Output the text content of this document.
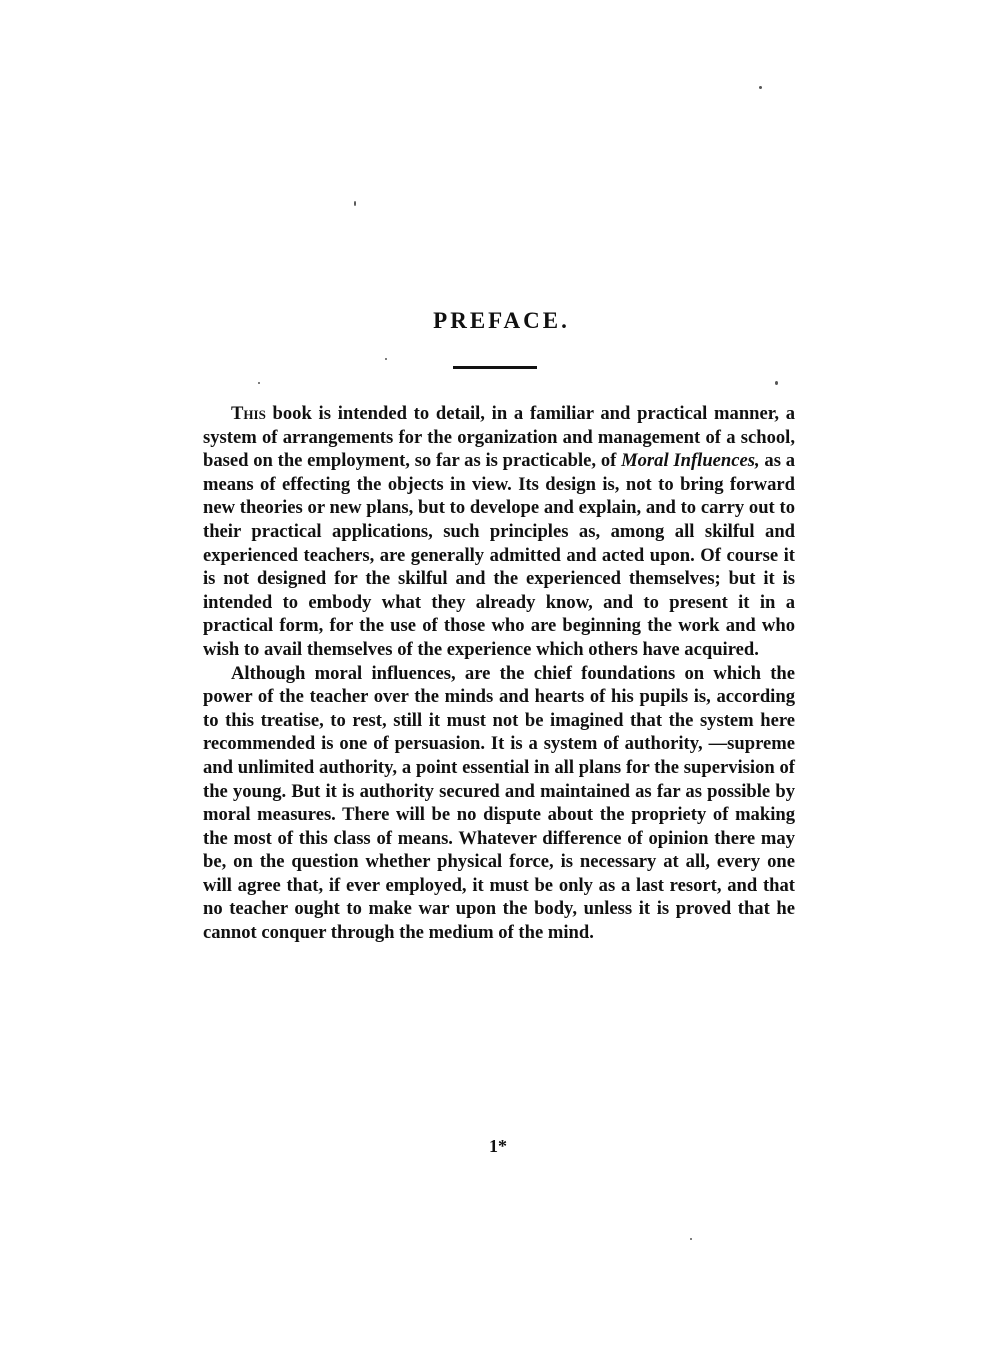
PREFACE.

This book is intended to detail, in a familiar and practical manner, a system of arrangements for the organization and management of a school, based on the employment, so far as is practicable, of Moral Influences, as a means of effecting the objects in view. Its design is, not to bring forward new theories or new plans, but to develope and explain, and to carry out to their practical applications, such principles as, among all skilful and experienced teachers, are generally admitted and acted upon. Of course it is not designed for the skilful and the experienced themselves; but it is intended to embody what they already know, and to present it in a practical form, for the use of those who are beginning the work and who wish to avail themselves of the experience which others have acquired.

Although moral influences, are the chief foundations on which the power of the teacher over the minds and hearts of his pupils is, according to this treatise, to rest, still it must not be imagined that the system here recommended is one of persuasion. It is a system of authority, —supreme and unlimited authority, a point essential in all plans for the supervision of the young. But it is authority secured and maintained as far as possible by moral measures. There will be no dispute about the propriety of making the most of this class of means. Whatever difference of opinion there may be, on the question whether physical force, is necessary at all, every one will agree that, if ever employed, it must be only as a last resort, and that no teacher ought to make war upon the body, unless it is proved that he cannot conquer through the medium of the mind.

1*
